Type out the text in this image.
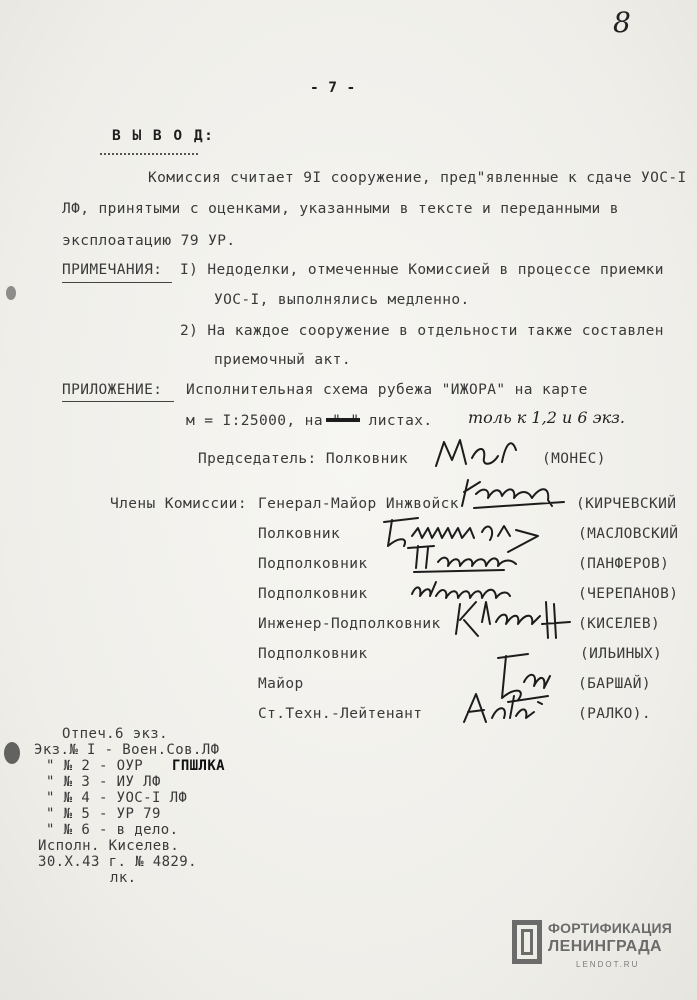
8
- 7 -
В Ы В О Д:
Комиссия считает 9I сооружение, пред"явленные к сдаче УОС-I
ЛФ, принятыми с оценками, указанными в тексте и переданными в
эксплоатацию 79 УР.
ПРИМЕЧАНИЯ: I) Недоделки, отмеченные Комиссией в процессе приемки
УОС-I, выполнялись медленно.
2) На каждое сооружение в отдельности также составлен
приемочный акт.
ПРИЛОЖЕНИЕ: Исполнительная схема рубежа "ИЖОРА" на карте
м = I:25000, на " " листах. толь к 1,2 и 6 экз.
Председатель: Полковник	(МОНЕС)
Члены Комиссии: Генерал-Майор Инжвойск	(КИРЧЕВСКИЙ
Полковник	(МАСЛОВСКИЙ
Подполковник	(ПАНФЕРОВ)
Подполковник	(ЧЕРЕПАНОВ)
Инженер-Подполковник	(КИСЕЛЕВ)
Подполковник	(ИЛЬИНЫХ)
Майор	(БАРШАЙ)
Ст.Техн.-Лейтенант	(РАЛКО).
Отпеч.6 экз.
Экз.№ I - Воен.Сов.ЛФ
" № 2 - ОУР ГПШЛКА
" № 3 - ИУ ЛФ
" № 4 - УОС-I ЛФ
" № 5 - УР 79
" № 6 - в дело.
Исполн. Киселев.
30.X.43 г. № 4829.
лк.
ФОРТИФИКАЦИЯ
ЛЕНИНГРАДА
LENDOT.RU
